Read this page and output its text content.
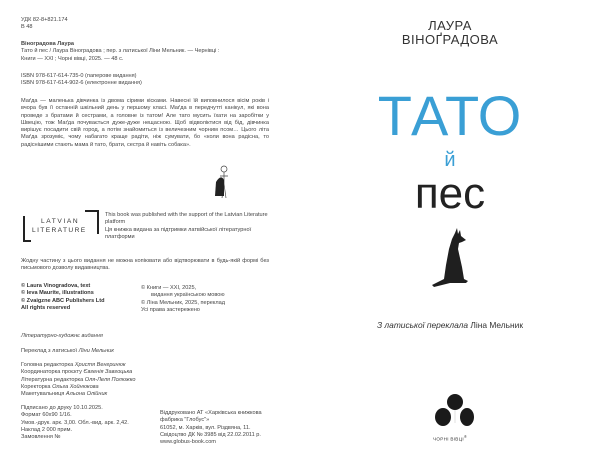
УДК 82-8+821.174
В 48
Віноградова Лаура
Тато й пес / Лаура Віноградова ; пер. з латиської Ліни Мельник. — Чернівці :
Книги — XXI ; Чорні вівці, 2025. — 48 с.
ISBN 978-617-614-735-0 (паперове видання)
ISBN 978-617-614-902-6 (електронне видання)
Маґда — маленька дівчинка із двома сірими кісками. Навесні їй виповнилося вісім років і вчора був її останній шкільний день у першому класі. Маґда в передчутті канікул, які вона проведе з братами й сестрами, а головне із татом! Але тато мусить їхати на заробітки у Швецію, тож Маґда почувається дуже-дуже нещасною. Щоб відволіктися від бід, дівчинка вирішує посадити свій город, а потім знайомиться із величезним чорним псом… Цього літа Маґда зрозуміє, чому набагато краще радіти, ніж сумувати, бо «коли вона радісна, то радіснішими стають мама й тато, брати, сестра й навіть собака».
LATVIAN
LITERATURE
This book was published with the support of the Latvian Literature platform
Ця книжка видана за підтримки латвійської літературної платформи
Жодну частину з цього видання не можна копіювати або відтворювати в будь-якій формі без письмового дозволу видавництва.
© Laura Vinogradova, text
© Ieva Maurite, illustrations
© Zvaigzne ABC Publishers Ltd
All rights reserved
© Книги — XXI, 2025,
видання українською мовою
© Ліна Мельник, 2025, переклад
Усі права застережено
Літературно-художнє видання
Переклад з латиської Ліни Мельник
Головна редакторка Христя Венгринюк
Координаторка проєкту Євгенія Завгоцька
Літературна редакторка Оля-Леля Полюжко
Коректорка Ольга Хойнюкова
Макетувальниця Альона Олійник
Підписано до друку 10.10.2025.
Формат 60х90 1/16.
Умов.-друк. арк. 3,00. Обл.-вид. арк. 2,42.
Наклад 2 000 прим.
Замовлення №
Віддруковано АТ «Харківська книжкова фабрика "Глобус"»
61052, м. Харків, вул. Різдвяна, 11.
Свідоцтво ДК № 3985 від 22.02.2011 р.
www.globus-book.com
ЛАУРА
ВІНОҐРАДОВА
ТАТО
й
пес
З латиської переклала Ліна Мельник
ЧОРНІ ВІВЦІ®
